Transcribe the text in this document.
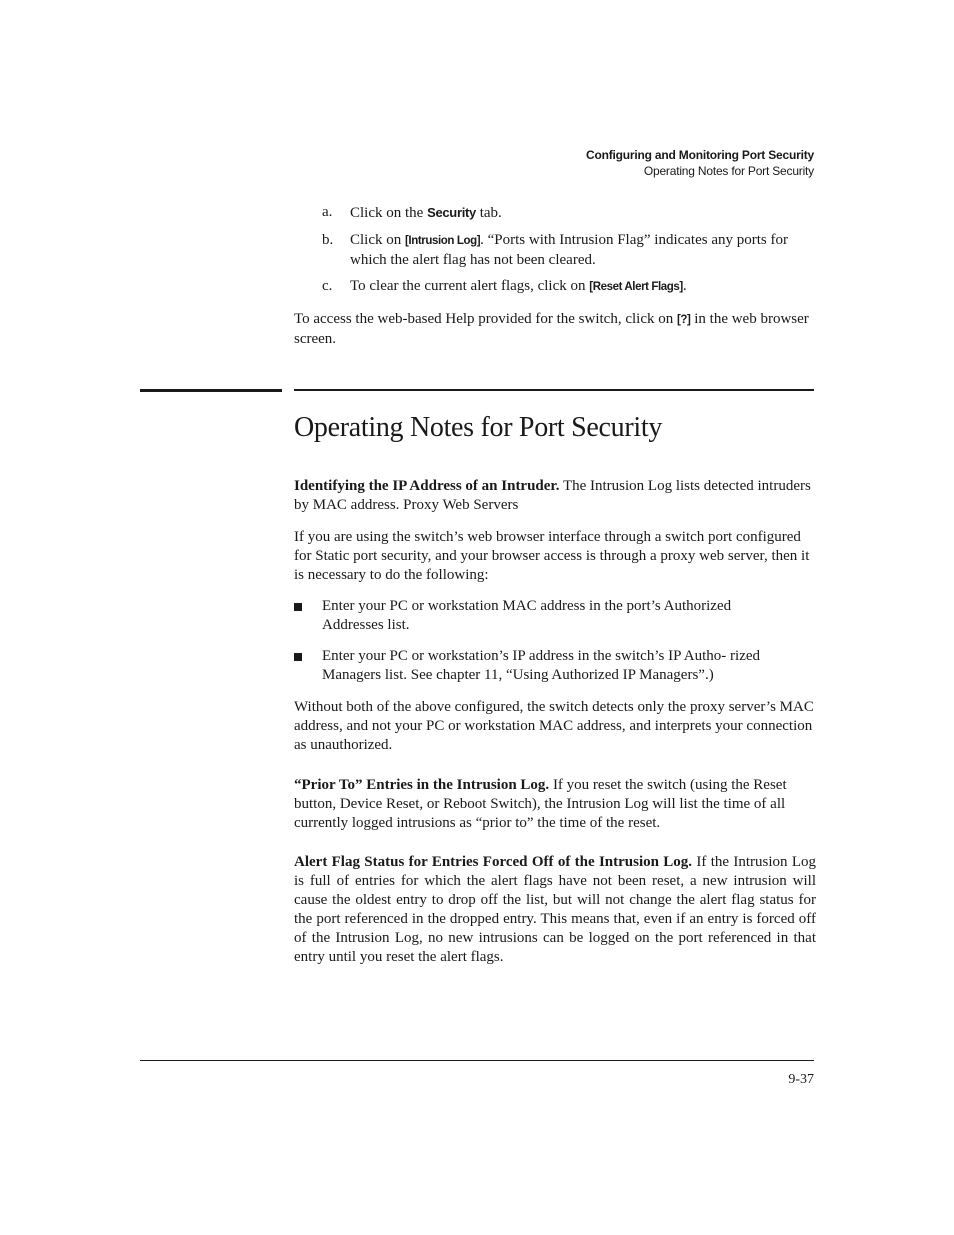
Configuring and Monitoring Port Security
Operating Notes for Port Security
a. Click on the Security tab.
b. Click on [Intrusion Log]. “Ports with Intrusion Flag” indicates any ports for which the alert flag has not been cleared.
c. To clear the current alert flags, click on [Reset Alert Flags].
To access the web-based Help provided for the switch, click on [?] in the web browser screen.
Operating Notes for Port Security
Identifying the IP Address of an Intruder. The Intrusion Log lists detected intruders by MAC address. Proxy Web Servers
If you are using the switch’s web browser interface through a switch port configured for Static port security, and your browser access is through a proxy web server, then it is necessary to do the following:
Enter your PC or workstation MAC address in the port’s Authorized Addresses list.
Enter your PC or workstation’s IP address in the switch’s IP Autho- rized Managers list. See chapter 11, “Using Authorized IP Managers”.)
Without both of the above configured, the switch detects only the proxy server’s MAC address, and not your PC or workstation MAC address, and interprets your connection as unauthorized.
“Prior To” Entries in the Intrusion Log. If you reset the switch (using the Reset button, Device Reset, or Reboot Switch), the Intrusion Log will list the time of all currently logged intrusions as “prior to” the time of the reset.
Alert Flag Status for Entries Forced Off of the Intrusion Log. If the Intrusion Log is full of entries for which the alert flags have not been reset, a new intrusion will cause the oldest entry to drop off the list, but will not change the alert flag status for the port referenced in the dropped entry. This means that, even if an entry is forced off of the Intrusion Log, no new intrusions can be logged on the port referenced in that entry until you reset the alert flags.
9-37
